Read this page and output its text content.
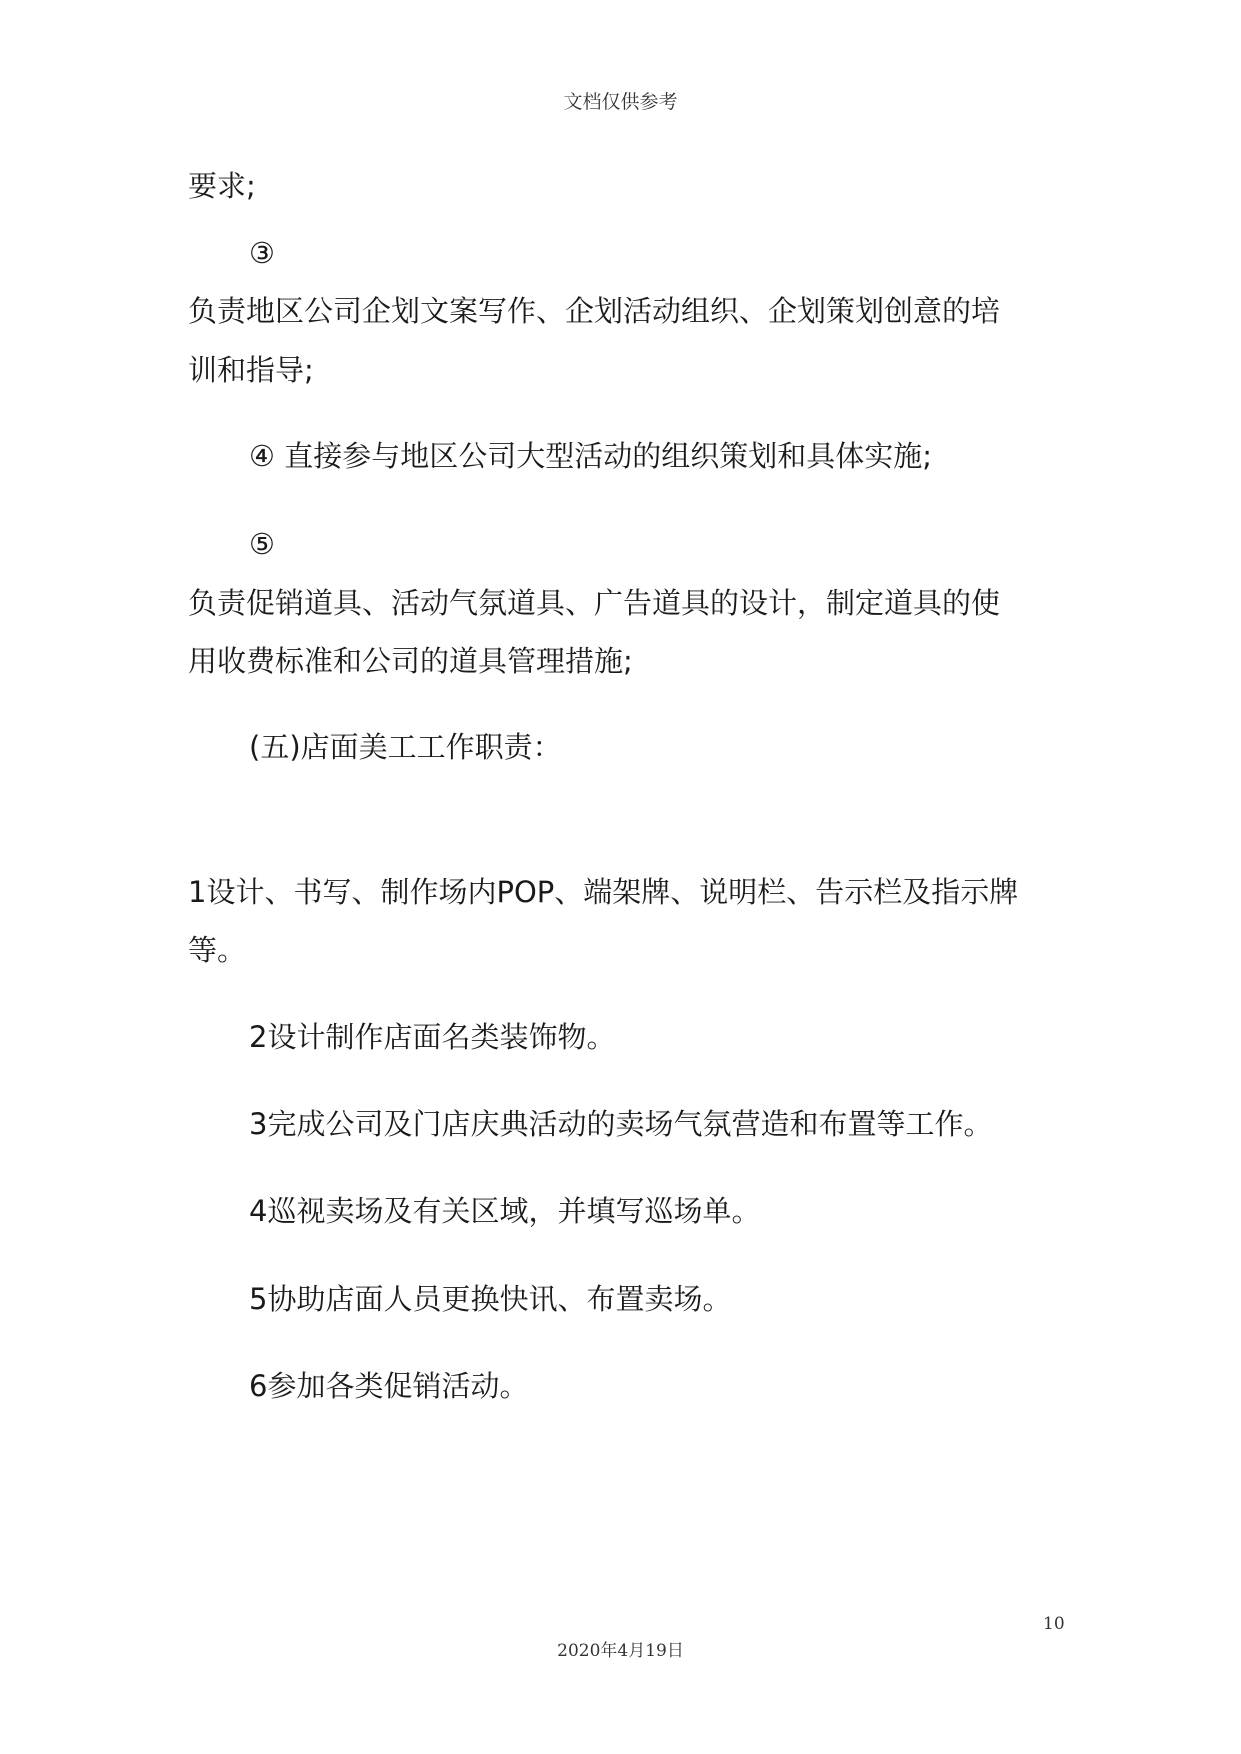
文档仅供参考
要求;
③
负责地区公司企划文案写作、企划活动组织、企划策划创意的培
训和指导;
④ 直接参与地区公司大型活动的组织策划和具体实施;
⑤
负责促销道具、活动气氛道具、广告道具的设计，制定道具的使
用收费标准和公司的道具管理措施;
(五)店面美工工作职责：
1设计、书写、制作场内POP、端架牌、说明栏、告示栏及指示牌
等。
2设计制作店面名类装饰物。
3完成公司及门店庆典活动的卖场气氛营造和布置等工作。
4巡视卖场及有关区域，并填写巡场单。
5协助店面人员更换快讯、布置卖场。
6参加各类促销活动。
10
2020年4月19日
